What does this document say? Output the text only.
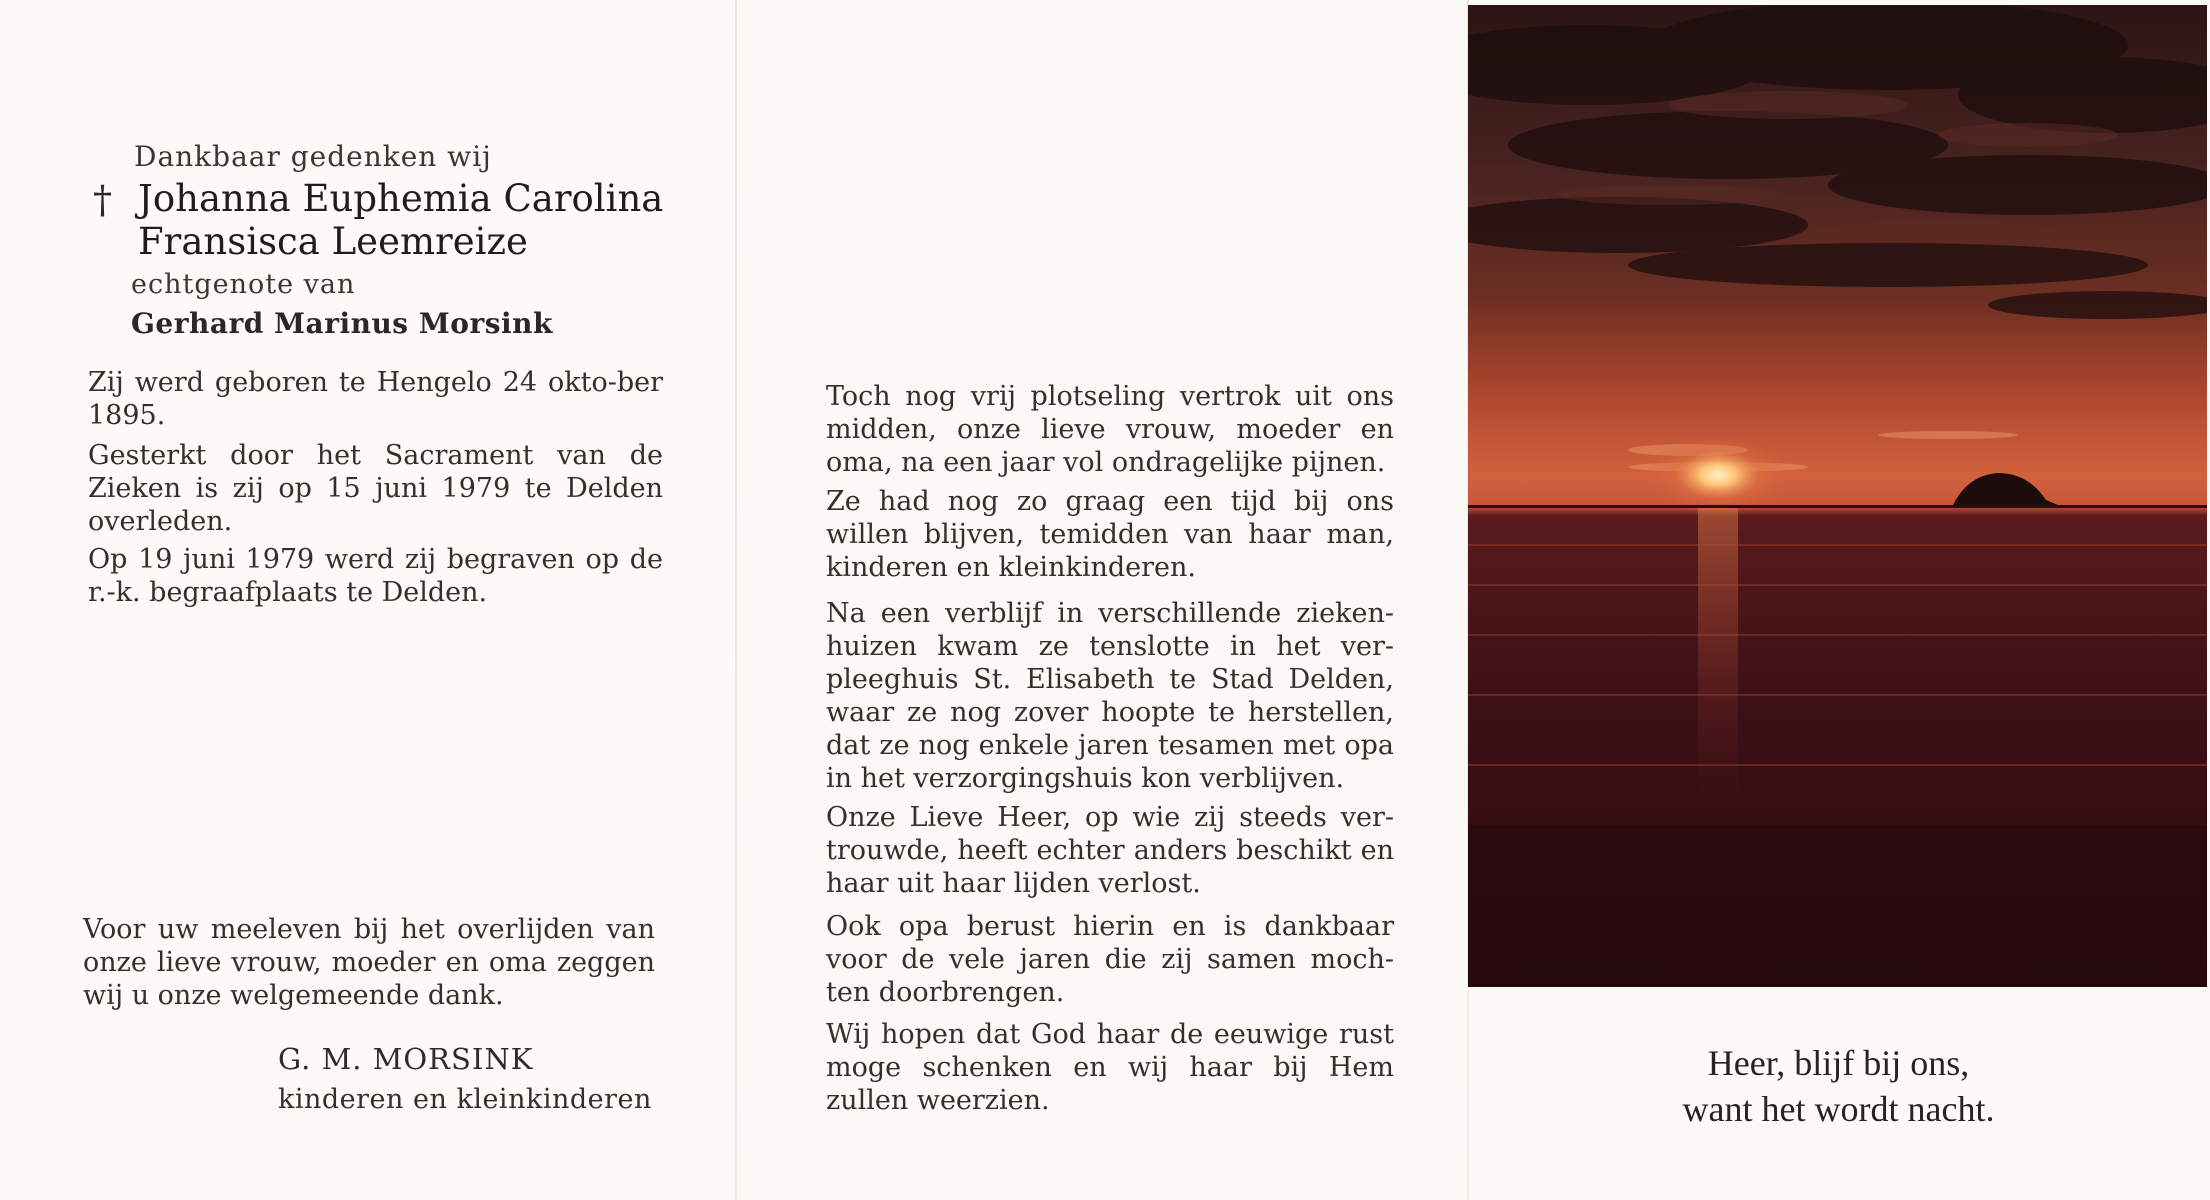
Dankbaar gedenken wij

† Johanna Euphemia Carolina

Fransisca Leemreize

echtgenote van

Gerhard Marinus Morsink

Zij werd geboren te Hengelo 24 okto-ber 1895.

Gesterkt door het Sacrament van de Zieken is zij op 15 juni 1979 te Delden overleden.

Op 19 juni 1979 werd zij begraven op de r.-k. begraafplaats te Delden.

Voor uw meeleven bij het overlijden van onze lieve vrouw, moeder en oma zeggen wij u onze welgemeende dank.

G. M. MORSINK

kinderen en kleinkinderen

Toch nog vrij plotseling vertrok uit ons midden, onze lieve vrouw, moeder en oma, na een jaar vol ondragelijke pijnen.

Ze had nog zo graag een tijd bij ons willen blijven, temidden van haar man, kinderen en kleinkinderen.

Na een verblijf in verschillende zieken-huizen kwam ze tenslotte in het ver-pleeghuis St. Elisabeth te Stad Delden, waar ze nog zover hoopte te herstellen, dat ze nog enkele jaren tesamen met opa in het verzorgingshuis kon verblijven.

Onze Lieve Heer, op wie zij steeds ver-trouwde, heeft echter anders beschikt en haar uit haar lijden verlost.

Ook opa berust hierin en is dankbaar voor de vele jaren die zij samen moch-ten doorbrengen.

Wij hopen dat God haar de eeuwige rust moge schenken en wij haar bij Hem zullen weerzien.

Heer, blijf bij ons,
want het wordt nacht.
